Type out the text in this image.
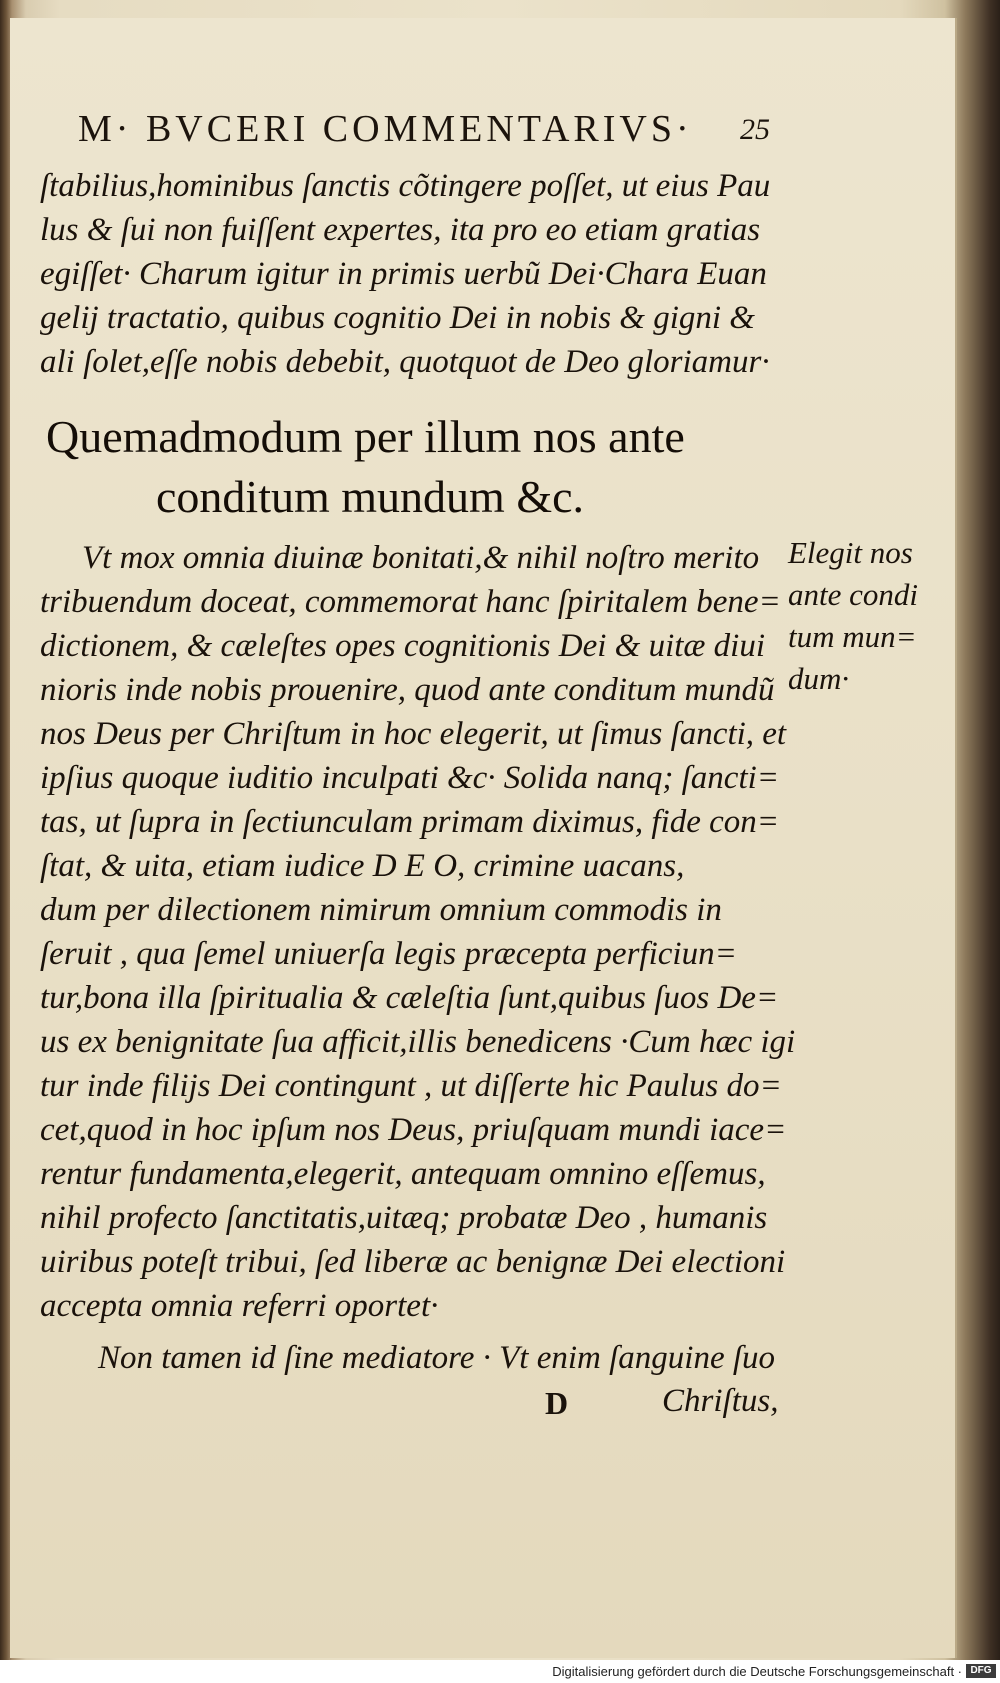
M· BVCERI COMMENTARIVS· 25
ſtabilius,hominibus ſanctis cõtingere poſſet, ut eius Pau
lus & ſui non fuiſſent expertes, ita pro eo etiam gratias
egiſſet· Charum igitur in primis uerbũ Dei·Chara Euan
gelij tractatio, quibus cognitio Dei in nobis & gigni &
ali ſolet,eſſe nobis debebit, quotquot de Deo gloriamur·
Quemadmodum per illum nos ante
conditum mundum &c.
Vt mox omnia diuinæ bonitati,& nihil noſtro merito
tribuendum doceat, commemorat hanc ſpiritalem bene=
dictionem, & cæleſtes opes cognitionis Dei & uitæ diui
nioris inde nobis prouenire, quod ante conditum mundũ
nos Deus per Chriſtum in hoc elegerit, ut ſimus ſancti, et
ipſius quoque iuditio inculpati &c· Solida nanq; ſancti=
tas, ut ſupra in ſectiunculam primam diximus, fide con=
ſtat, & uita, etiam iudice D E O, crimine uacans,
dum per dilectionem nimirum omnium commodis in
ſeruit , qua ſemel uniuerſa legis præcepta perficiun=
tur,bona illa ſpiritualia & cæleſtia ſunt,quibus ſuos De=
us ex benignitate ſua afficit,illis benedicens ·Cum hæc igi
tur inde filijs Dei contingunt , ut diſſerte hic Paulus do=
cet,quod in hoc ipſum nos Deus, priuſquam mundi iace=
rentur fundamenta,elegerit, antequam omnino eſſemus,
nihil profecto ſanctitatis,uitæq; probatæ Deo , humanis
uiribus poteſt tribui, ſed liberæ ac benignæ Dei electioni
accepta omnia referri oportet·
Non tamen id ſine mediatore · Vt enim ſanguine ſuo
D	Chriſtus,
Elegit nos
ante condi
tum mun=
dum·
Digitalisierung gefördert durch die Deutsche Forschungsgemeinschaft · DFG
